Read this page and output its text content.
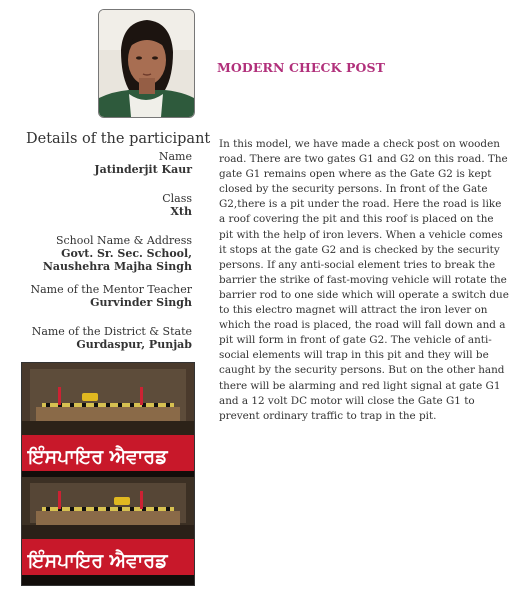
MODERN CHECK POST
Details of the participant
Name
Jatinderjit Kaur
Class
Xth
School Name & Address
Govt. Sr. Sec. School,
Naushehra Majha Singh
Name of the Mentor Teacher
Gurvinder Singh
Name of the District & State
Gurdaspur, Punjab
ਇੰਸਪਾਇਰ ਐਵਾਰਡ
ਇੰਸਪਾਇਰ ਐਵਾਰਡ
In this model, we have made a check post on wooden road. There are two gates G1 and G2 on this road. The gate G1 remains open where as the Gate G2 is kept closed by the security persons. In front of the Gate G2,there is a pit under the road. Here the road is like a roof covering the pit and this roof is placed on the pit with the help of iron levers. When a vehicle comes it stops at the gate G2 and is checked by the security persons. If any anti-social element tries to break the barrier the strike of fast-moving vehicle will rotate the barrier rod to one side which will operate a switch due to this electro magnet will attract the iron lever on which the road is placed, the road will fall down and a pit will form in front of gate G2. The vehicle of anti-social elements will trap in this pit and they will be caught by the security persons. But on the other hand there will be alarming and red light signal at gate G1 and a 12 volt DC motor will close the Gate G1 to prevent ordinary traffic to trap in the pit.
